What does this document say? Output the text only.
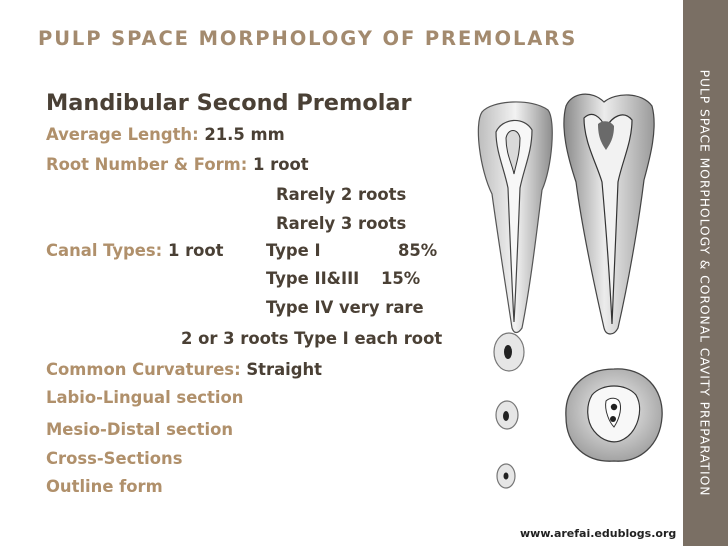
PULP SPACE MORPHOLOGY OF PREMOLARS
PULP SPACE MORPHOLOGY & CORONAL CAVITY PREPARATION
Mandibular Second Premolar
Average Length: 21.5 mm
Root Number & Form: 1 root
Rarely 2 roots
Rarely 3 roots
Canal Types: 1 root	Type I	85%
Type II&III 15%
Type IV very rare
2 or 3 roots Type I each root
Common Curvatures: Straight
Labio-Lingual section
Mesio-Distal section
Cross-Sections
Outline form
www.arefai.edublogs.org
